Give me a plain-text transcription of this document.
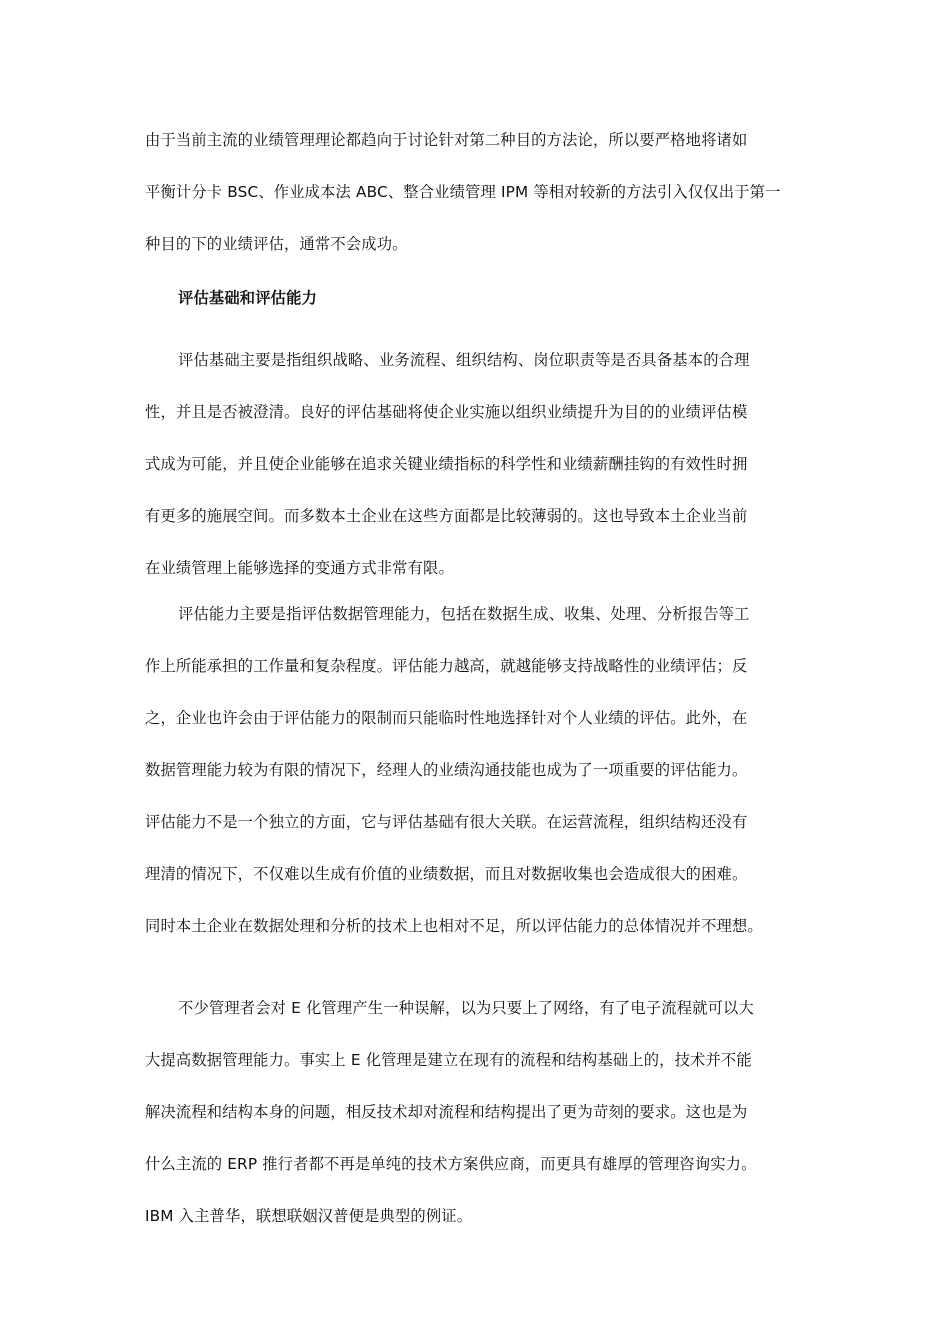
由于当前主流的业绩管理理论都趋向于讨论针对第二种目的方法论，所以要严格地将诸如
平衡计分卡 BSC、作业成本法 ABC、整合业绩管理 IPM 等相对较新的方法引入仅仅出于第一
种目的下的业绩评估，通常不会成功。
评估基础和评估能力
评估基础主要是指组织战略、业务流程、组织结构、岗位职责等是否具备基本的合理
性，并且是否被澄清。良好的评估基础将使企业实施以组织业绩提升为目的的业绩评估模
式成为可能，并且使企业能够在追求关键业绩指标的科学性和业绩薪酬挂钩的有效性时拥
有更多的施展空间。而多数本土企业在这些方面都是比较薄弱的。这也导致本土企业当前
在业绩管理上能够选择的变通方式非常有限。
评估能力主要是指评估数据管理能力，包括在数据生成、收集、处理、分析报告等工
作上所能承担的工作量和复杂程度。评估能力越高，就越能够支持战略性的业绩评估；反
之，企业也许会由于评估能力的限制而只能临时性地选择针对个人业绩的评估。此外，在
数据管理能力较为有限的情况下，经理人的业绩沟通技能也成为了一项重要的评估能力。
评估能力不是一个独立的方面，它与评估基础有很大关联。在运营流程，组织结构还没有
理清的情况下，不仅难以生成有价值的业绩数据，而且对数据收集也会造成很大的困难。
同时本土企业在数据处理和分析的技术上也相对不足，所以评估能力的总体情况并不理想。
不少管理者会对 E 化管理产生一种误解，以为只要上了网络，有了电子流程就可以大
大提高数据管理能力。事实上 E 化管理是建立在现有的流程和结构基础上的，技术并不能
解决流程和结构本身的问题，相反技术却对流程和结构提出了更为苛刻的要求。这也是为
什么主流的 ERP 推行者都不再是单纯的技术方案供应商，而更具有雄厚的管理咨询实力。
IBM 入主普华，联想联姻汉普便是典型的例证。
